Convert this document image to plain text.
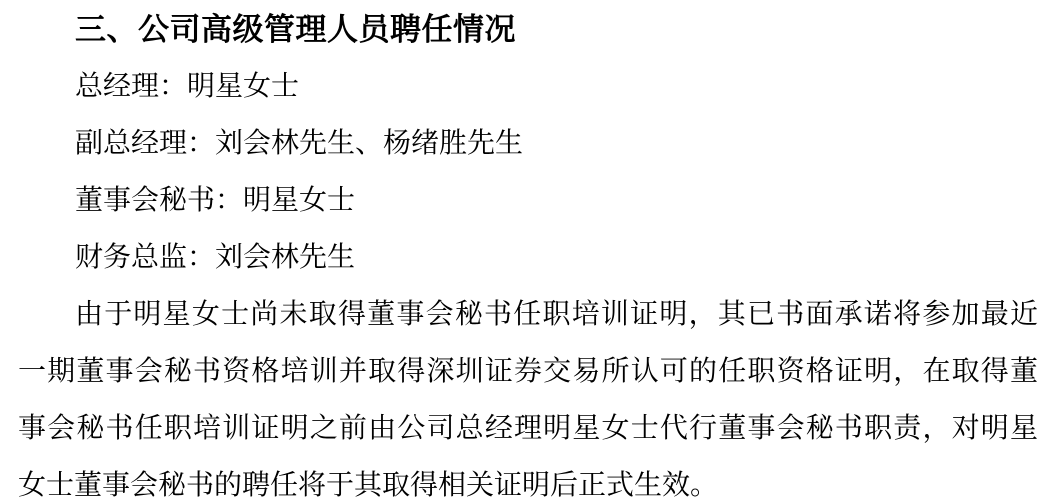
三、公司高级管理人员聘任情况

总经理：明星女士

副总经理：刘会林先生、杨绪胜先生

董事会秘书：明星女士

财务总监：刘会林先生

由于明星女士尚未取得董事会秘书任职培训证明，其已书面承诺将参加最近

一期董事会秘书资格培训并取得深圳证券交易所认可的任职资格证明，在取得董

事会秘书任职培训证明之前由公司总经理明星女士代行董事会秘书职责，对明星

女士董事会秘书的聘任将于其取得相关证明后正式生效。
